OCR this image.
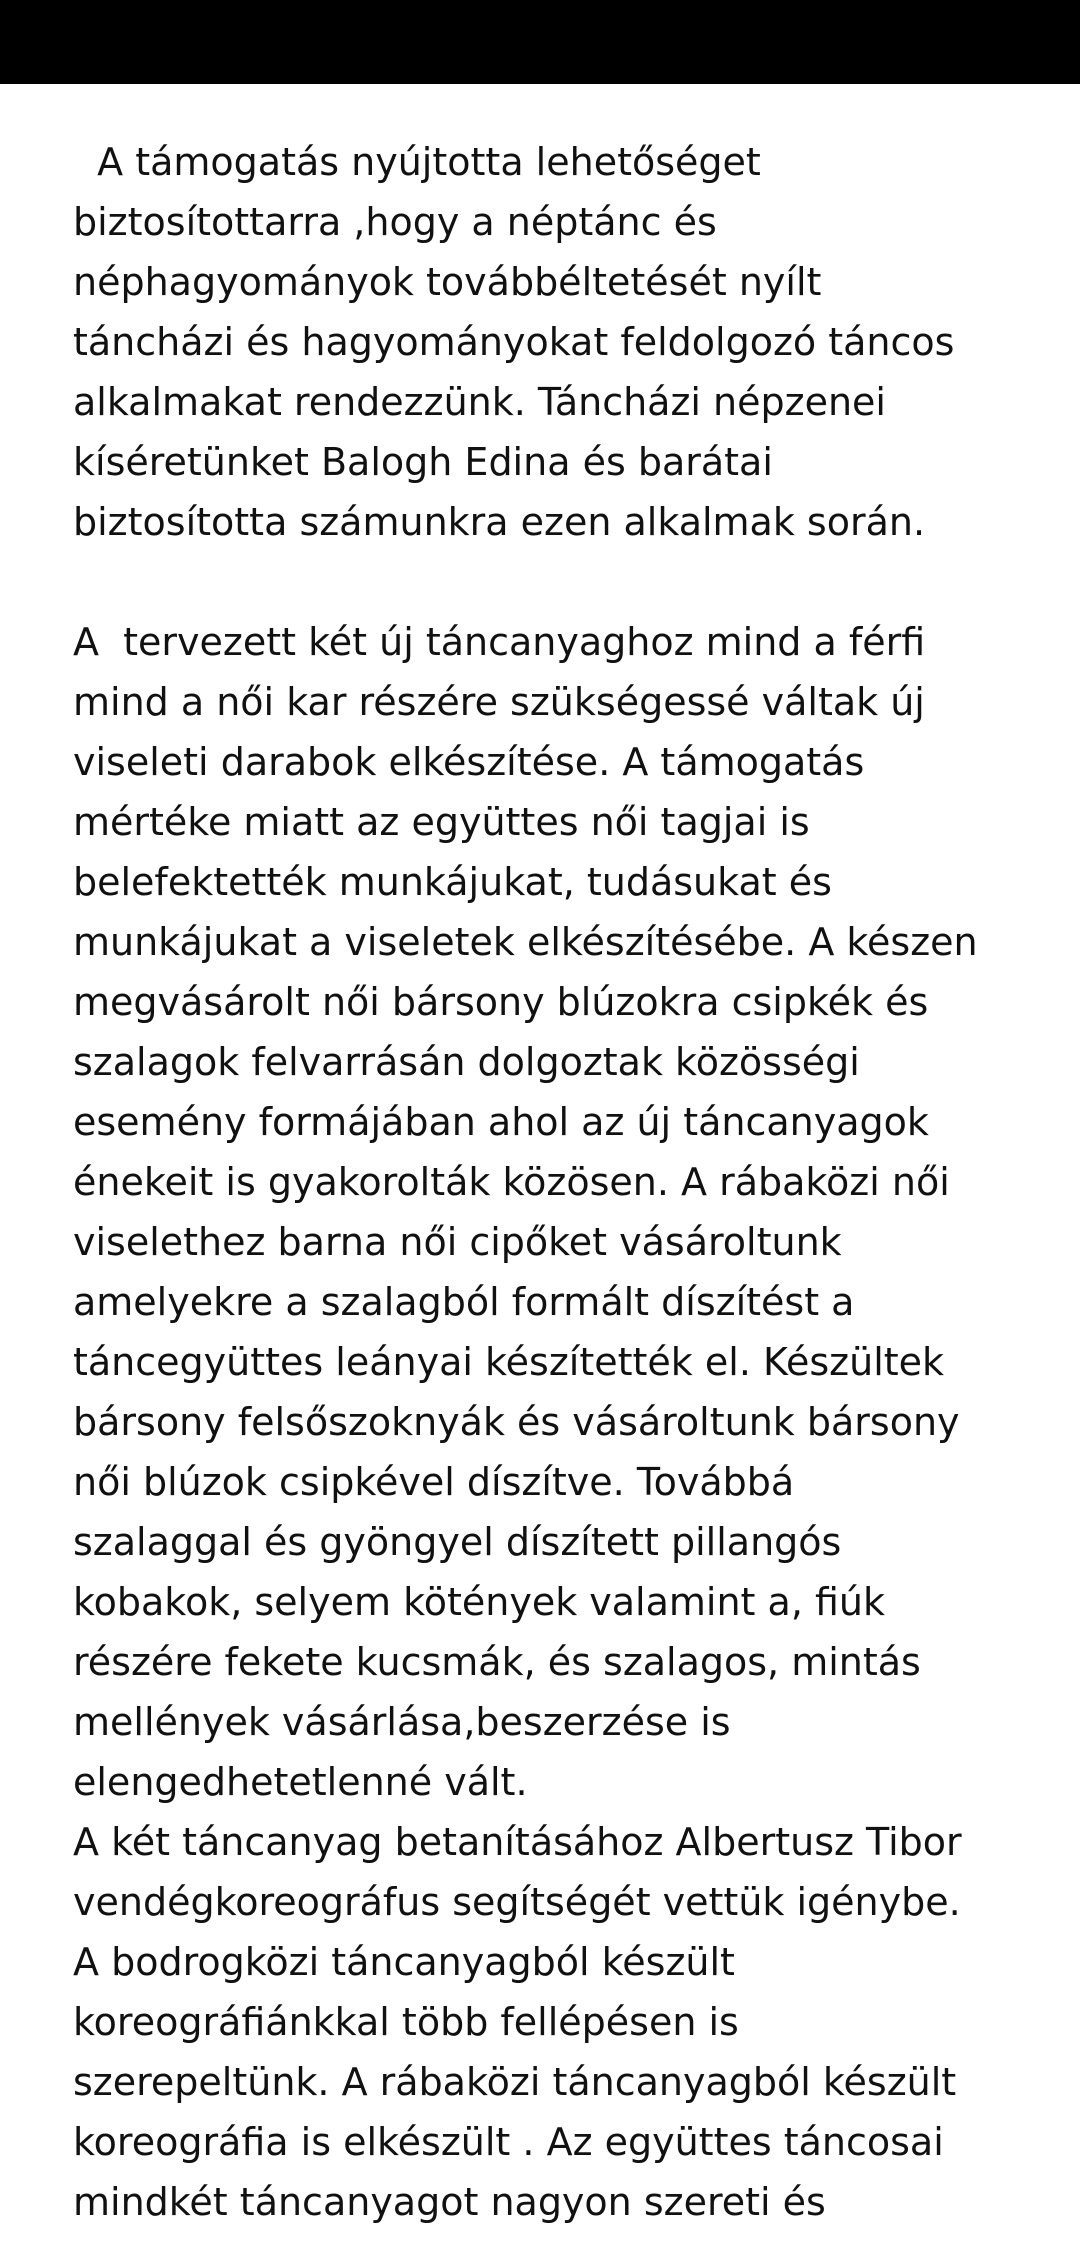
A támogatás nyújtotta lehetőséget
biztosítottarra ,hogy a néptánc és
néphagyományok továbbéltetését nyílt
táncházi és hagyományokat feldolgozó táncos
alkalmakat rendezzünk. Táncházi népzenei
kíséretünket Balogh Edina és barátai
biztosította számunkra ezen alkalmak során.
A  tervezett két új táncanyaghoz mind a férfi
mind a női kar részére szükségessé váltak új
viseleti darabok elkészítése. A támogatás
mértéke miatt az együttes női tagjai is
belefektették munkájukat, tudásukat és
munkájukat a viseletek elkészítésébe. A készen
megvásárolt női bársony blúzokra csipkék és
szalagok felvarrásán dolgoztak közösségi
esemény formájában ahol az új táncanyagok
énekeit is gyakorolták közösen. A rábaközi női
viselethez barna női cipőket vásároltunk
amelyekre a szalagból formált díszítést a
táncegyüttes leányai készítették el. Készültek
bársony felsőszoknyák és vásároltunk bársony
női blúzok csipkével díszítve. Továbbá
szalaggal és gyöngyel díszített pillangós
kobakok, selyem kötények valamint a, fiúk
részére fekete kucsmák, és szalagos, mintás
mellények vásárlása,beszerzése is
elengedhetetlenné vált.
A két táncanyag betanításához Albertusz Tibor
vendégkoreográfus segítségét vettük igénybe.
A bodrogközi táncanyagból készült
koreográfiánkkal több fellépésen is
szerepeltünk. A rábaközi táncanyagból készült
koreográfia is elkészült . Az együttes táncosai
mindkét táncanyagot nagyon szereti és
